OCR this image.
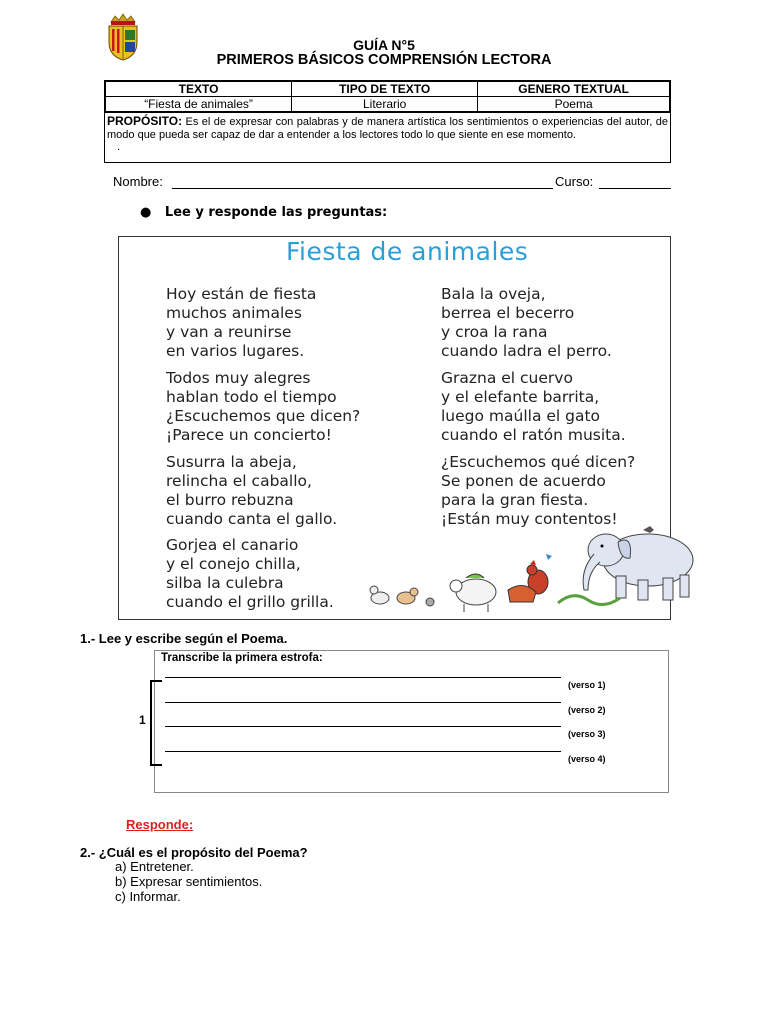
GUÍA N°5
PRIMEROS BÁSICOS COMPRENSIÓN LECTORA
TEXTO	TIPO DE TEXTO	GENERO TEXTUAL
“Fiesta de animales”	Literario	Poema
PROPÓSITO: Es el de expresar con palabras y de manera artística los sentimientos o experiencias del autor, de modo que pueda ser capaz de dar a entender a los lectores todo lo que siente en ese momento.
.
Nombre:	Curso:
●   Lee y responde las preguntas:
Fiesta de animales
Hoy están de fiesta
muchos animales
y van a reunirse
en varios lugares.
Todos muy alegres
hablan todo el tiempo
¿Escuchemos que dicen?
¡Parece un concierto!
Susurra la abeja,
relincha el caballo,
el burro rebuzna
cuando canta el gallo.
Gorjea el canario
y el conejo chilla,
silba la culebra
cuando el grillo grilla.
Bala la oveja,
berrea el becerro
y croa la rana
cuando ladra el perro.
Grazna el cuervo
y el elefante barrita,
luego maúlla el gato
cuando el ratón musita.
¿Escuchemos qué dicen?
Se ponen de acuerdo
para la gran fiesta.
¡Están muy contentos!
1.- Lee y escribe según el Poema.
Transcribe la primera estrofa:
1
(verso 1)
(verso 2)
(verso 3)
(verso 4)
Responde:
2.- ¿Cuál es el propósito del Poema?
a) Entretener.
b) Expresar sentimientos.
c) Informar.
